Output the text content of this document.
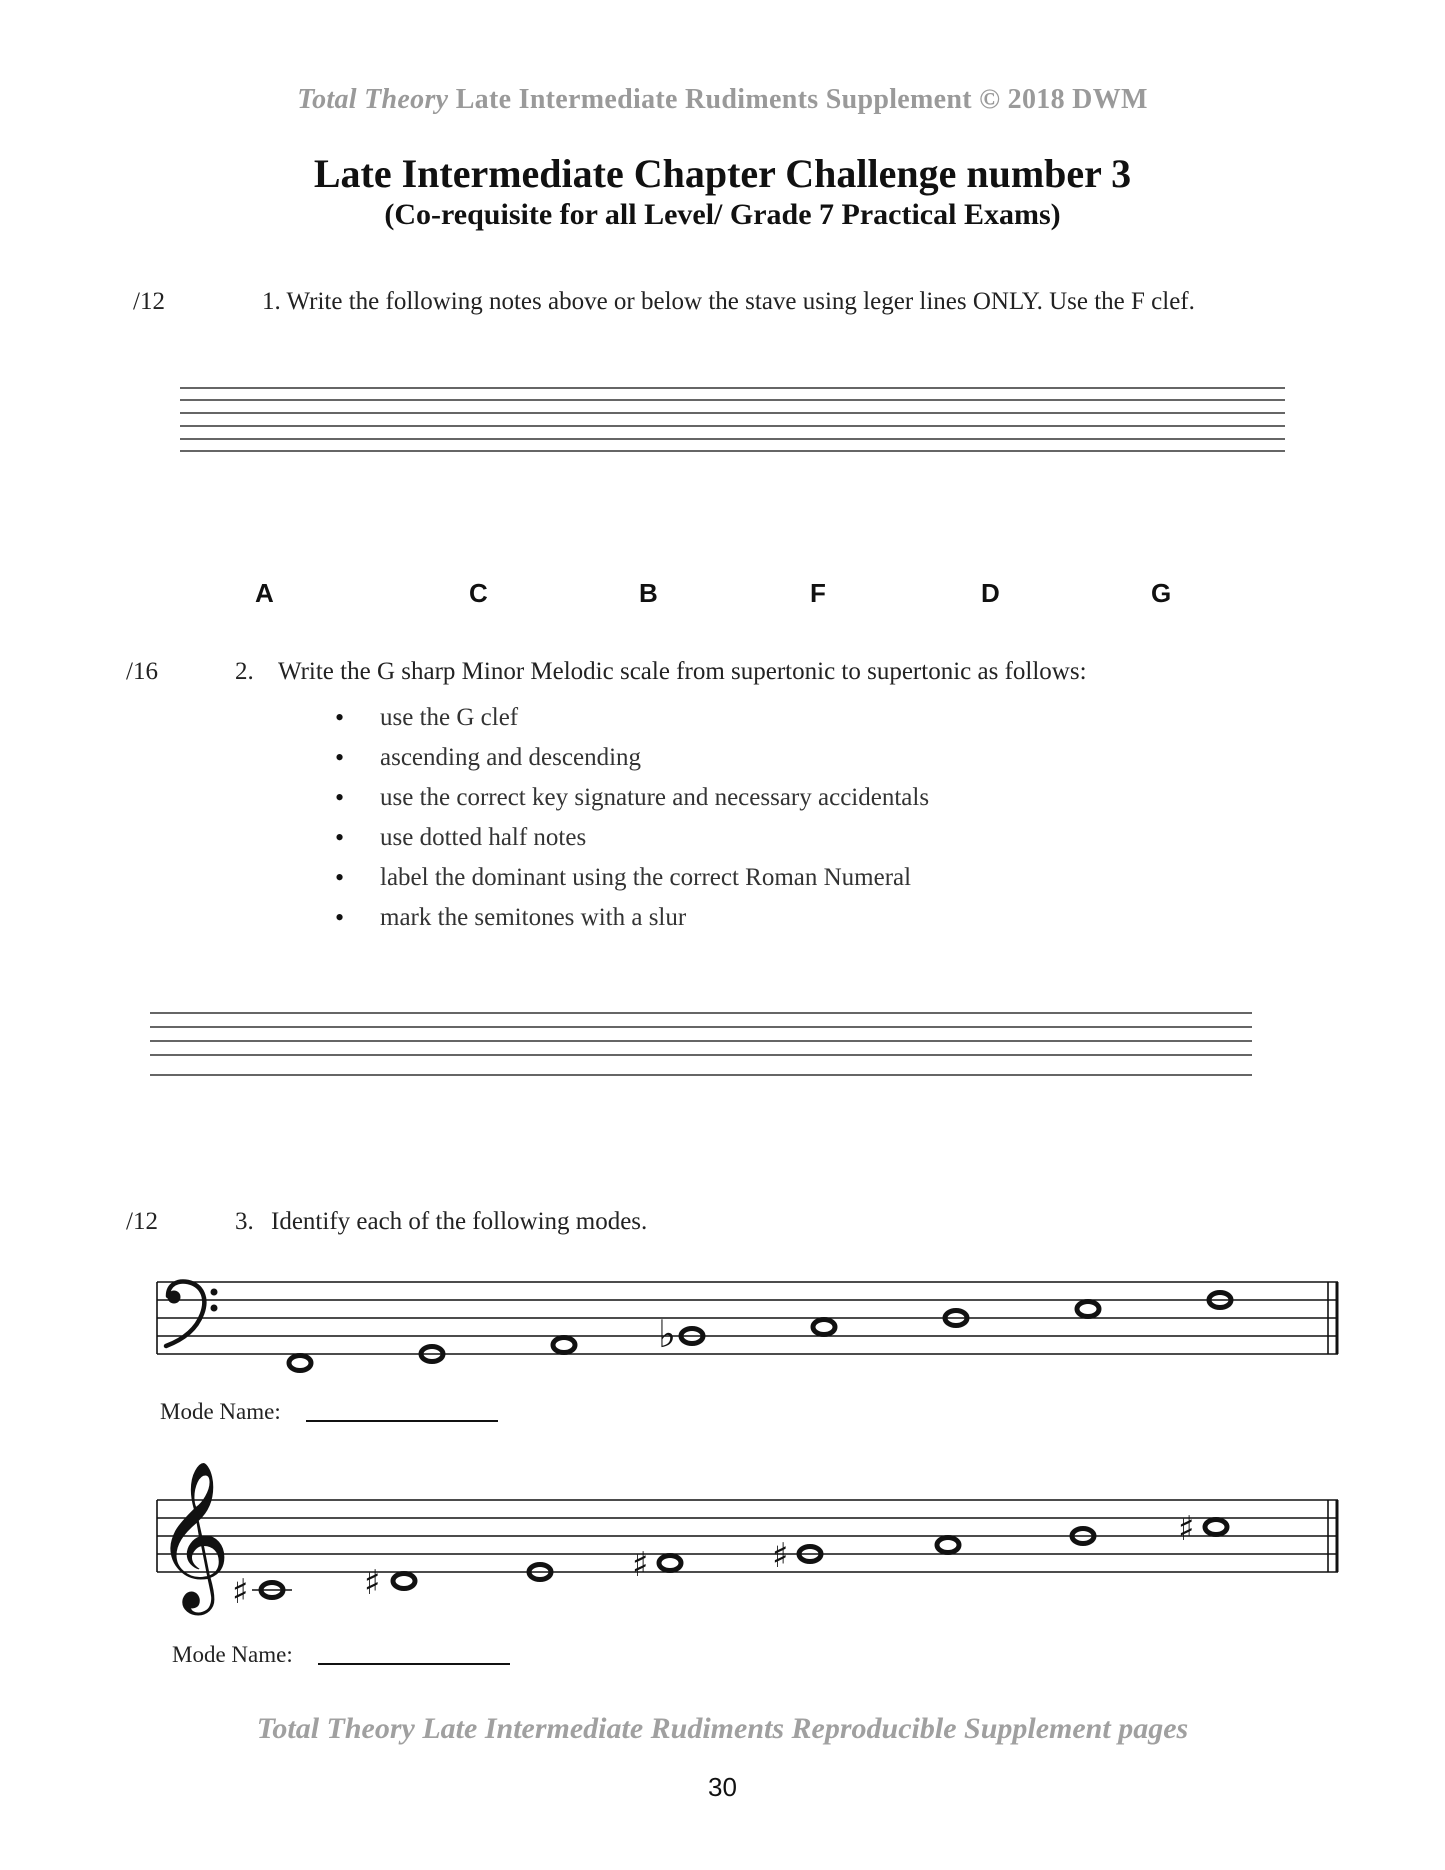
Total Theory Late Intermediate Rudiments Supplement © 2018 DWM
Late Intermediate Chapter Challenge number 3
(Co-requisite for all Level/ Grade 7 Practical Exams)
/12	1. Write the following notes above or below the stave using leger lines ONLY. Use the F clef.
♭
𝄞 ♯	♯	♯	♯
♯
A	C	B	F	D	G
/16	2. Write the G sharp Minor Melodic scale from supertonic to supertonic as follows:
• use the G clef
• ascending and descending
• use the correct key signature and necessary accidentals
• use dotted half notes
• label the dominant using the correct Roman Numeral
• mark the semitones with a slur
/12	3. Identify each of the following modes.
Mode Name:
Mode Name:
Total Theory Late Intermediate Rudiments Reproducible Supplement pages
30
